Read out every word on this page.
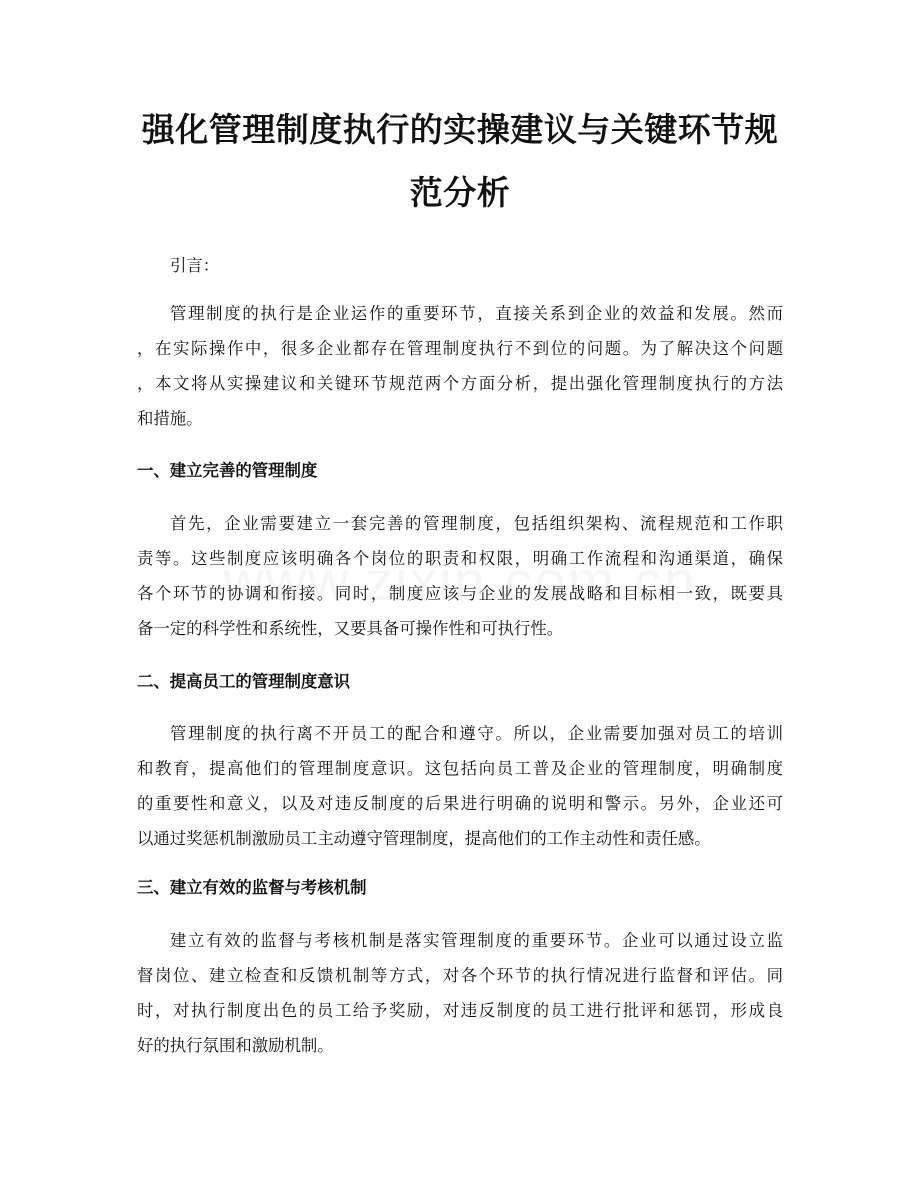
强化管理制度执行的实操建议与关键环节规
范分析
引言：
管理制度的执行是企业运作的重要环节，直接关系到企业的效益和发展。然而
，在实际操作中，很多企业都存在管理制度执行不到位的问题。为了解决这个问题
，本文将从实操建议和关键环节规范两个方面分析，提出强化管理制度执行的方法
和措施。
一、建立完善的管理制度
首先，企业需要建立一套完善的管理制度，包括组织架构、流程规范和工作职
责等。这些制度应该明确各个岗位的职责和权限，明确工作流程和沟通渠道，确保
各个环节的协调和衔接。同时，制度应该与企业的发展战略和目标相一致，既要具
备一定的科学性和系统性，又要具备可操作性和可执行性。
二、提高员工的管理制度意识
管理制度的执行离不开员工的配合和遵守。所以，企业需要加强对员工的培训
和教育，提高他们的管理制度意识。这包括向员工普及企业的管理制度，明确制度
的重要性和意义，以及对违反制度的后果进行明确的说明和警示。另外，企业还可
以通过奖惩机制激励员工主动遵守管理制度，提高他们的工作主动性和责任感。
三、建立有效的监督与考核机制
建立有效的监督与考核机制是落实管理制度的重要环节。企业可以通过设立监
督岗位、建立检查和反馈机制等方式，对各个环节的执行情况进行监督和评估。同
时，对执行制度出色的员工给予奖励，对违反制度的员工进行批评和惩罚，形成良
好的执行氛围和激励机制。
